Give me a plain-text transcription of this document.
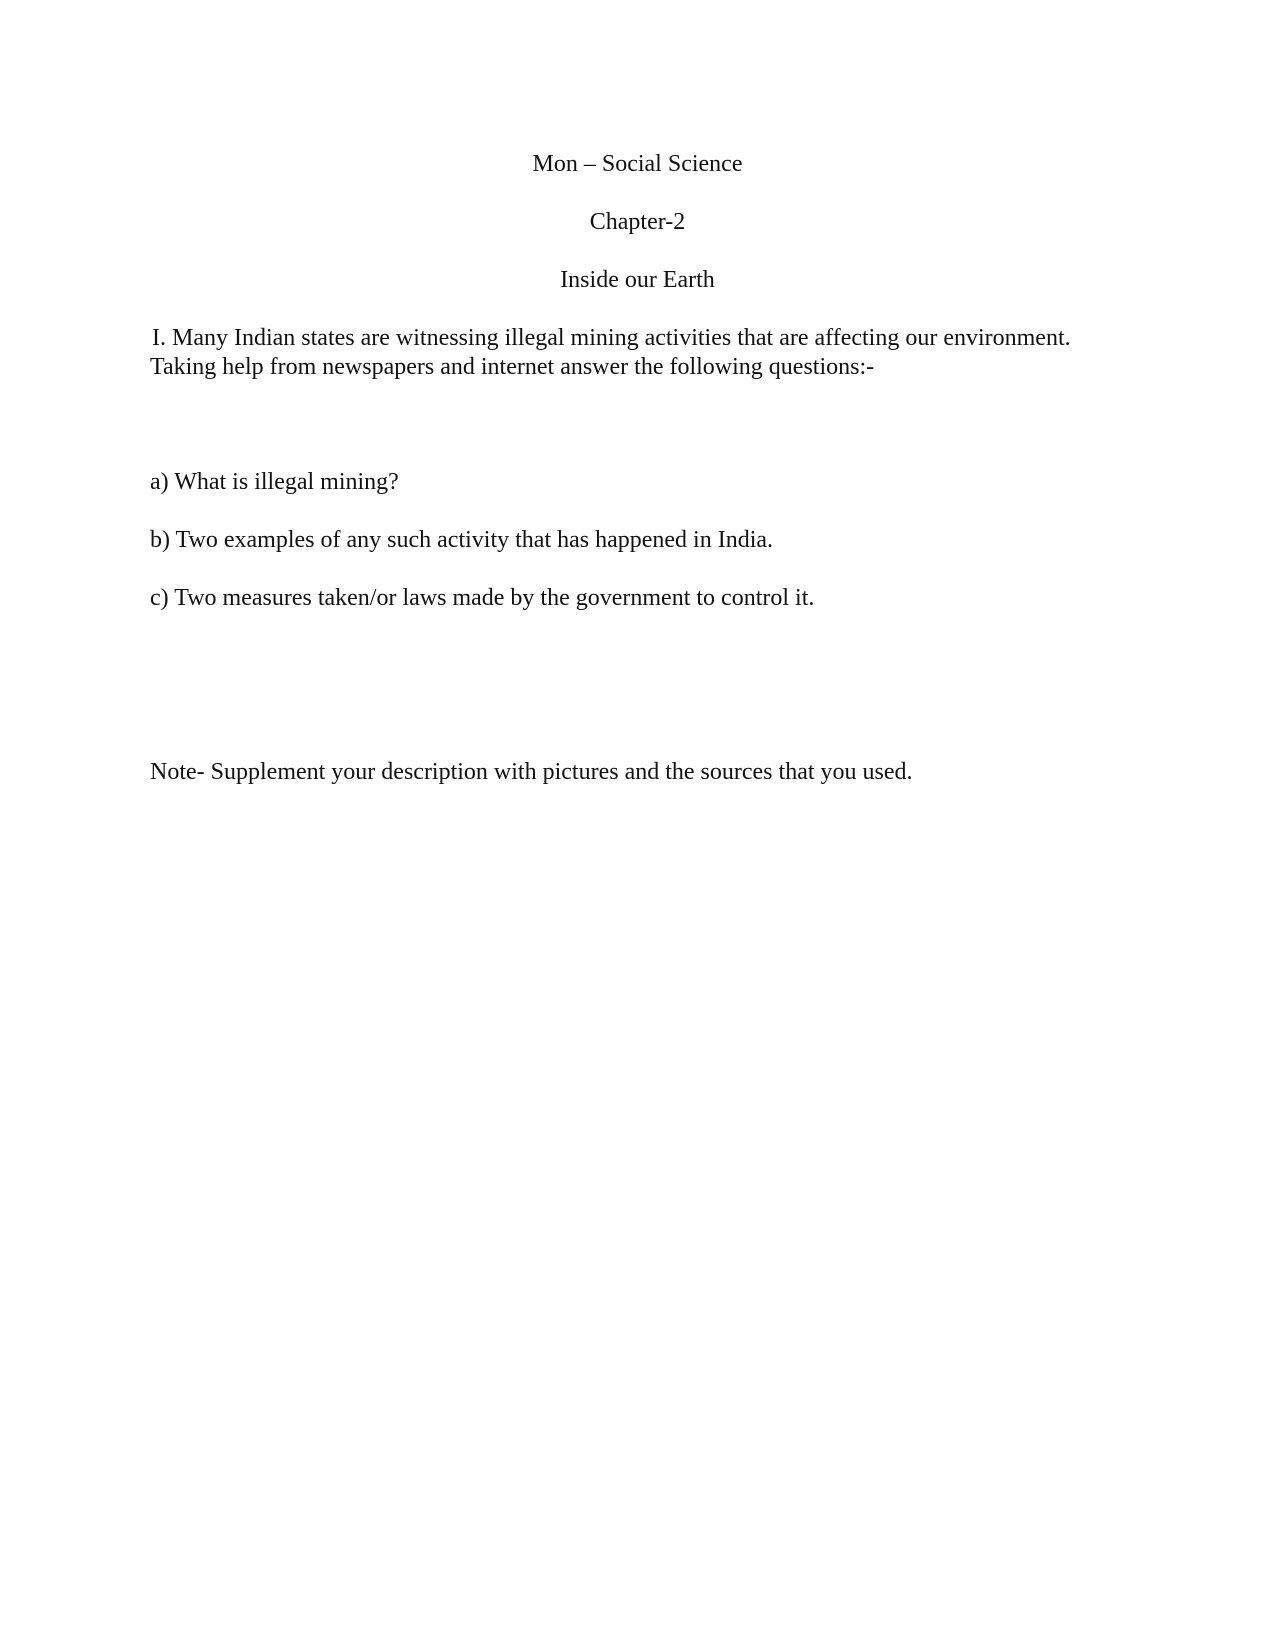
Mon – Social Science
Chapter-2
Inside our Earth
I. Many Indian states are witnessing illegal mining activities that are affecting our environment.
Taking help from newspapers and internet answer the following questions:-
a) What is illegal mining?
b) Two examples of any such activity that has happened in India.
c) Two measures taken/or laws made by the government to control it.
Note- Supplement your description with pictures and the sources that you used.
